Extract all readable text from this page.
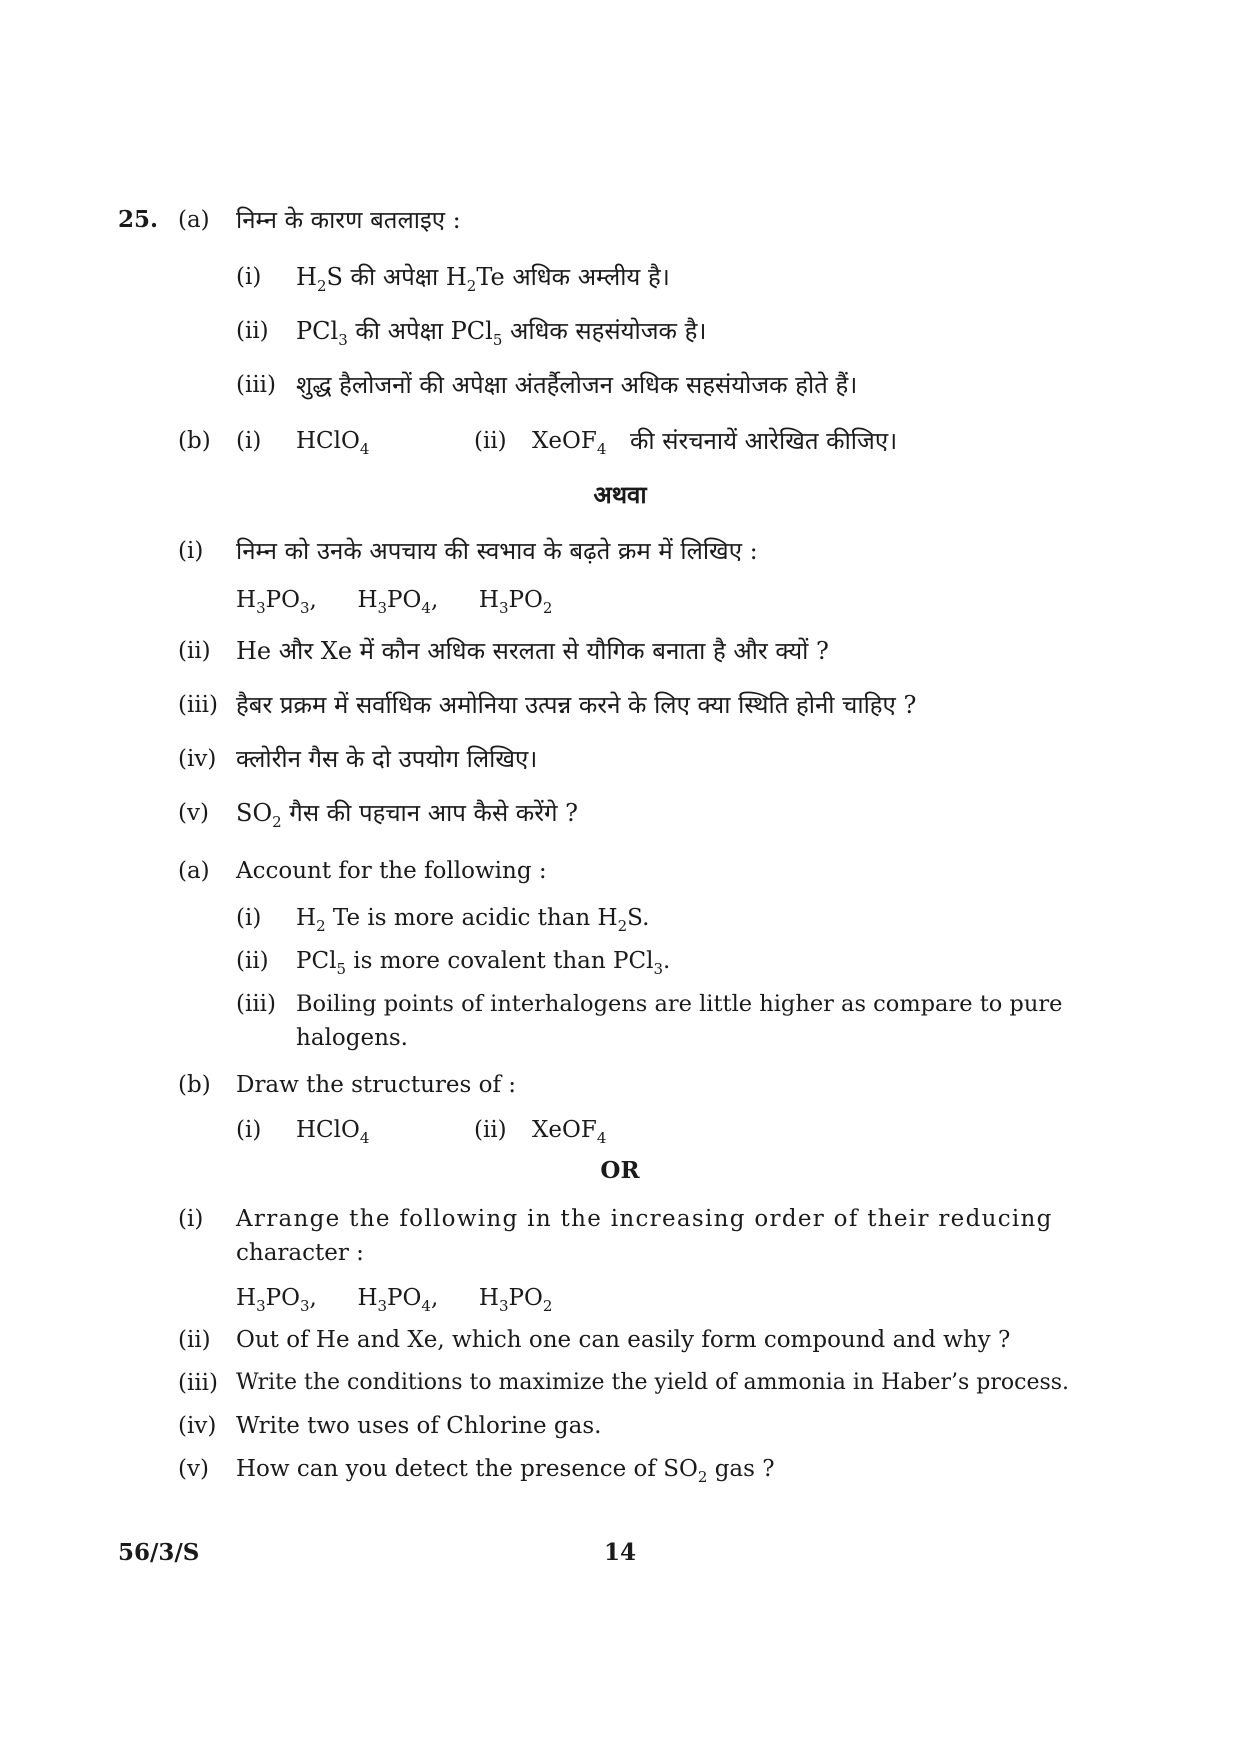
25. (a) निम्न के कारण बतलाइए :
(i) $H_2S$ की अपेक्षा $H_2Te$ अधिक अम्लीय है।
(ii) PCl$_3$ की अपेक्षा PCl$_5$ अधिक सहसंयोजक है।
(iii) शुद्ध हैलोजनों की अपेक्षा अंतर्हैलोजन अधिक सहसंयोजक होते हैं।
(b) (i) HClO$_4$	(ii) XeOF$_4$ की संरचनायें आरेखित कीजिए।
अथवा
(i) निम्न को उनके अपचाय की स्वभाव के बढ़ते क्रम में लिखिए :
$H_3PO_3$, $H_3PO_4$, $H_3PO_2$
(ii) He और Xe में कौन अधिक सरलता से यौगिक बनाता है और क्यों ?
(iii) हैबर प्रक्रम में सर्वाधिक अमोनिया उत्पन्न करने के लिए क्या स्थिति होनी चाहिए ?
(iv) क्लोरीन गैस के दो उपयोग लिखिए।
(v) $SO_2$ गैस की पहचान आप कैसे करेंगे ?
(a) Account for the following :
(i) $H_2$ Te is more acidic than $H_2S$.
(ii) PCl$_5$ is more covalent than PCl$_3$.
(iii) Boiling points of interhalogens are little higher as compare to pure
halogens.
(b) Draw the structures of :
(i) HClO$_4$	(ii) XeOF$_4$
OR
(i) Arrange the following in the increasing order of their reducing
character :
$H_3PO_3$, $H_3PO_4$, $H_3PO_2$
(ii) Out of He and Xe, which one can easily form compound and why ?
(iii) Write the conditions to maximize the yield of ammonia in Haber’s process.
(iv) Write two uses of Chlorine gas.
(v) How can you detect the presence of $SO_2$ gas ?
56/3/S	14
